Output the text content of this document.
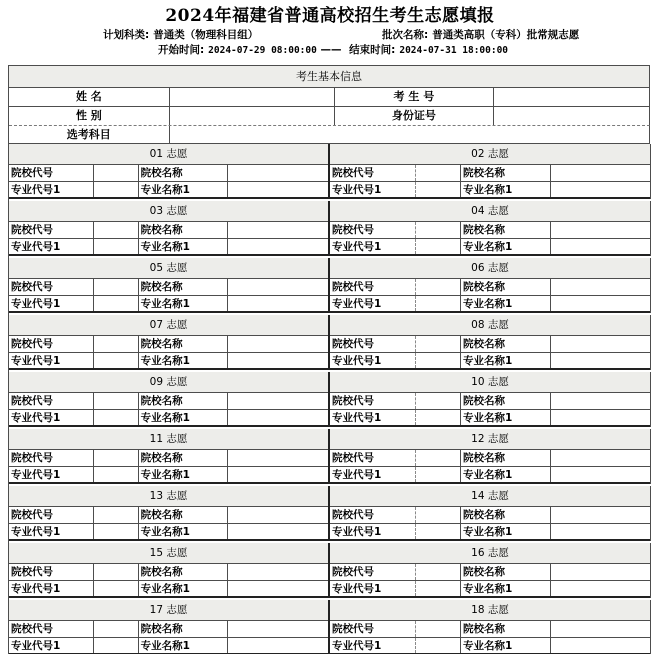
2024年福建省普通高校招生考生志愿填报
计划科类: 普通类（物理科目组）	批次名称: 普通类高职（专科）批常规志愿
开始时间: 2024-07-29 08:00:00 —— 结束时间: 2024-07-31 18:00:00
考生基本信息
姓 名	考 生 号
性 别	身份证号
选考科目
01 志愿
院校代号	院校名称
专业代号1	专业名称1
02 志愿
院校代号	院校名称
专业代号1	专业名称1
03 志愿
院校代号	院校名称
专业代号1	专业名称1
04 志愿
院校代号	院校名称
专业代号1	专业名称1
05 志愿
院校代号	院校名称
专业代号1	专业名称1
06 志愿
院校代号	院校名称
专业代号1	专业名称1
07 志愿
院校代号	院校名称
专业代号1	专业名称1
08 志愿
院校代号	院校名称
专业代号1	专业名称1
09 志愿
院校代号	院校名称
专业代号1	专业名称1
10 志愿
院校代号	院校名称
专业代号1	专业名称1
11 志愿
院校代号	院校名称
专业代号1	专业名称1
12 志愿
院校代号	院校名称
专业代号1	专业名称1
13 志愿
院校代号	院校名称
专业代号1	专业名称1
14 志愿
院校代号	院校名称
专业代号1	专业名称1
15 志愿
院校代号	院校名称
专业代号1	专业名称1
16 志愿
院校代号	院校名称
专业代号1	专业名称1
17 志愿
院校代号	院校名称
专业代号1	专业名称1
18 志愿
院校代号	院校名称
专业代号1	专业名称1
